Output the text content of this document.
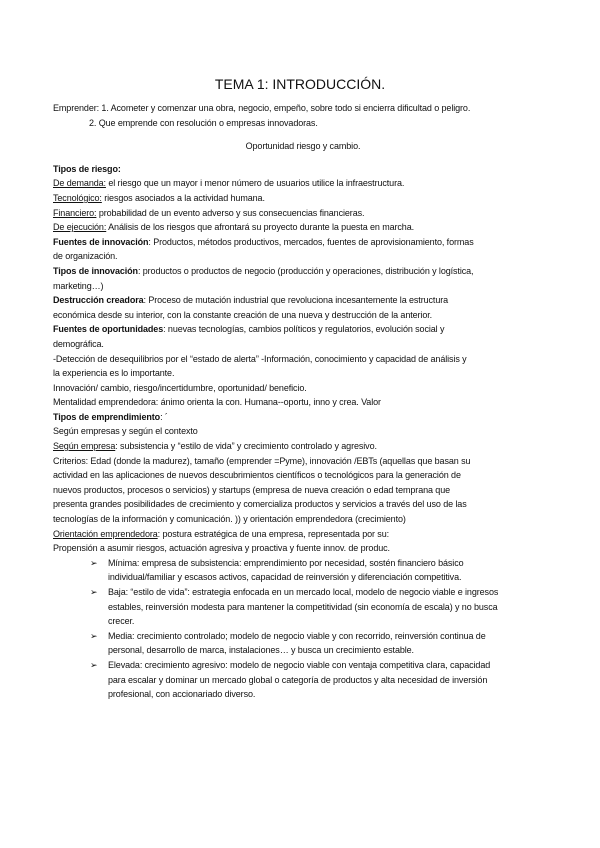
TEMA 1: INTRODUCCIÓN.
Emprender: 1. Acometer y comenzar una obra, negocio, empeño, sobre todo si encierra dificultad o peligro.
2. Que emprende con resolución o empresas innovadoras.
Oportunidad riesgo y cambio.
Tipos de riesgo:
De demanda: el riesgo que un mayor i menor número de usuarios utilice la infraestructura.
Tecnológico: riesgos asociados a la actividad humana.
Financiero: probabilidad de un evento adverso y sus consecuencias financieras.
De ejecución: Análisis de los riesgos que afrontará su proyecto durante la puesta en marcha.
Fuentes de innovación: Productos, métodos productivos, mercados, fuentes de aprovisionamiento, formas
de organización.
Tipos de innovación: productos o productos de negocio (producción y operaciones, distribución y logística,
marketing…)
Destrucción creadora: Proceso de mutación industrial que revoluciona incesantemente la estructura
económica desde su interior, con la constante creación de una nueva y destrucción de la anterior.
Fuentes de oportunidades: nuevas tecnologías, cambios políticos y regulatorios, evolución social y
demográfica.
-Detección de desequilibrios por el “estado de alerta” -Información, conocimiento y capacidad de análisis y
la experiencia es lo importante.
Innovación/ cambio, riesgo/incertidumbre, oportunidad/ beneficio.
Mentalidad emprendedora: ánimo orienta la con. Humana--oportu, inno y crea. Valor
Tipos de emprendimiento: ´
Según empresas y según el contexto
Según empresa: subsistencia y “estilo de vida” y crecimiento controlado y agresivo.
Criterios: Edad (donde la madurez), tamaño (emprender =Pyme), innovación /EBTs (aquellas que basan su
actividad en las aplicaciones de nuevos descubrimientos científicos o tecnológicos para la generación de
nuevos productos, procesos o servicios) y startups (empresa de nueva creación o edad temprana que
presenta grandes posibilidades de crecimiento y comercializa productos y servicios a través del uso de las
tecnologías de la información y comunicación. )) y orientación emprendedora (crecimiento)
Orientación emprendedora: postura estratégica de una empresa, representada por su:
Propensión a asumir riesgos, actuación agresiva y proactiva y fuente innov. de produc.
➢ Mínima: empresa de subsistencia: emprendimiento por necesidad, sostén financiero básico
individual/familiar y escasos activos, capacidad de reinversión y diferenciación competitiva.
➢ Baja: “estilo de vida”: estrategia enfocada en un mercado local, modelo de negocio viable e ingresos
estables, reinversión modesta para mantener la competitividad (sin economía de escala) y no busca
crecer.
➢ Media: crecimiento controlado; modelo de negocio viable y con recorrido, reinversión continua de
personal, desarrollo de marca, instalaciones… y busca un crecimiento estable.
➢ Elevada: crecimiento agresivo: modelo de negocio viable con ventaja competitiva clara, capacidad
para escalar y dominar un mercado global o categoría de productos y alta necesidad de inversión
profesional, con accionariado diverso.
